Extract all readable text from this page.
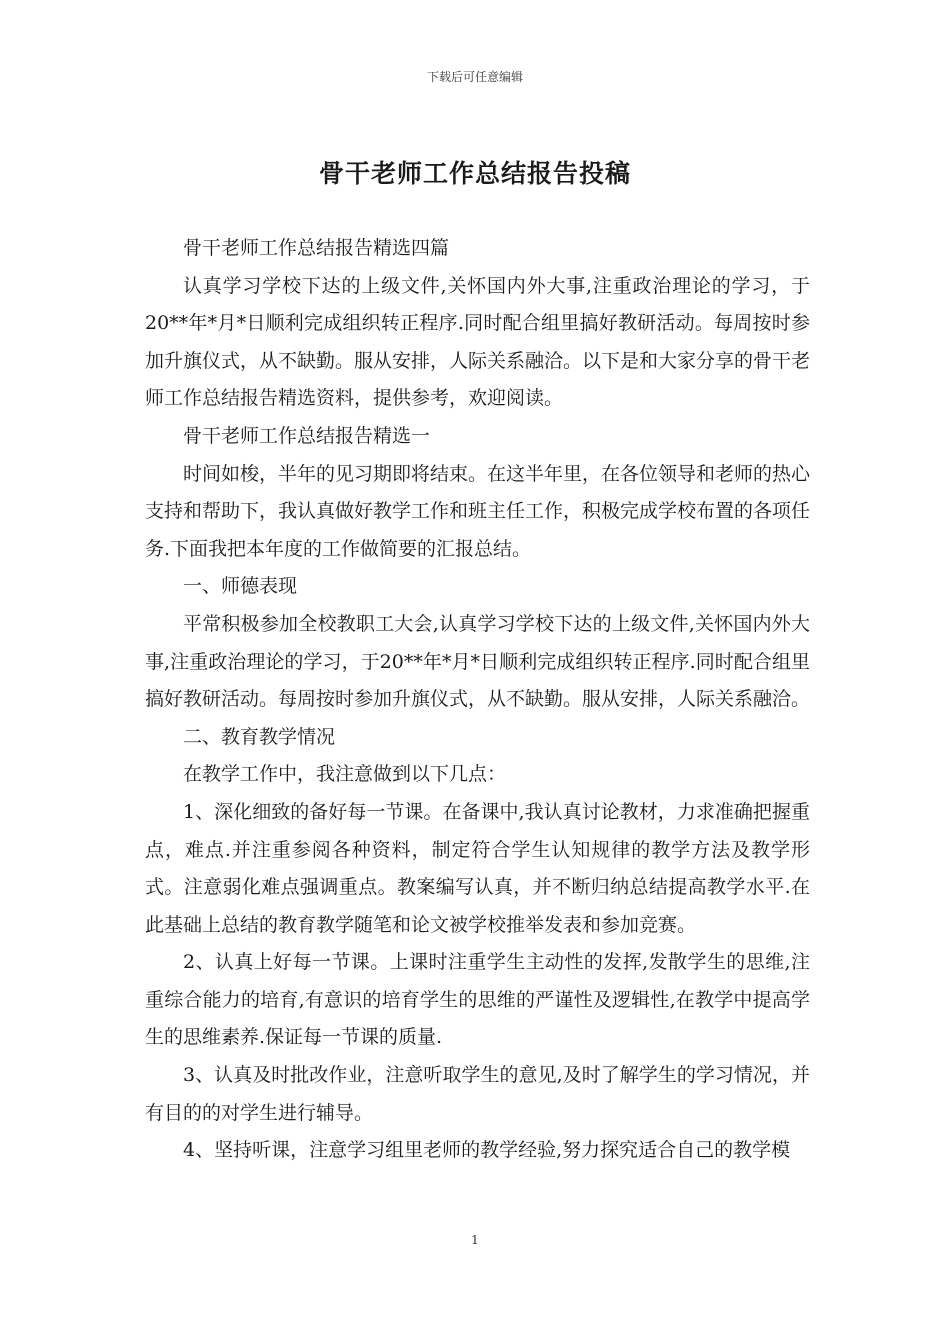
下载后可任意编辑
骨干老师工作总结报告投稿

骨干老师工作总结报告精选四篇

认真学习学校下达的上级文件,关怀国内外大事,注重政治理论的学习，于20**年*月*日顺利完成组织转正程序.同时配合组里搞好教研活动。每周按时参加升旗仪式，从不缺勤。服从安排，人际关系融洽。以下是和大家分享的骨干老师工作总结报告精选资料，提供参考，欢迎阅读。

骨干老师工作总结报告精选一

时间如梭，半年的见习期即将结束。在这半年里，在各位领导和老师的热心支持和帮助下，我认真做好教学工作和班主任工作，积极完成学校布置的各项任务.下面我把本年度的工作做简要的汇报总结。

一、师德表现

平常积极参加全校教职工大会,认真学习学校下达的上级文件,关怀国内外大事,注重政治理论的学习，于20**年*月*日顺利完成组织转正程序.同时配合组里搞好教研活动。每周按时参加升旗仪式，从不缺勤。服从安排，人际关系融洽。

二、教育教学情况

在教学工作中，我注意做到以下几点：

1、深化细致的备好每一节课。在备课中,我认真讨论教材，力求准确把握重点，难点.并注重参阅各种资料，制定符合学生认知规律的教学方法及教学形式。注意弱化难点强调重点。教案编写认真，并不断归纳总结提高教学水平.在此基础上总结的教育教学随笔和论文被学校推举发表和参加竞赛。

2、认真上好每一节课。上课时注重学生主动性的发挥,发散学生的思维,注重综合能力的培育,有意识的培育学生的思维的严谨性及逻辑性,在教学中提高学生的思维素养.保证每一节课的质量.

3、认真及时批改作业，注意听取学生的意见,及时了解学生的学习情况，并有目的的对学生进行辅导。

4、坚持听课，注意学习组里老师的教学经验,努力探究适合自己的教学模

1
